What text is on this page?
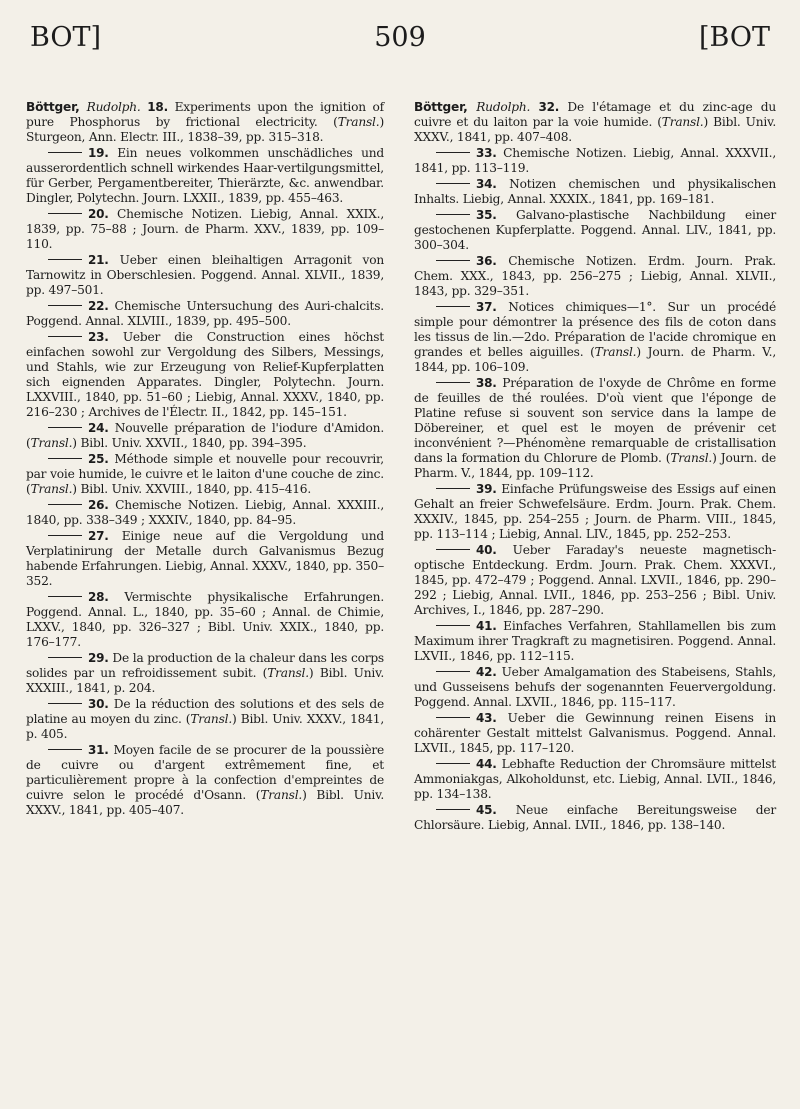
BOT]	509	[BOT

Böttger, Rudolph. 18. Experiments upon the ignition of pure Phosphorus by frictional electricity. (Transl.) Sturgeon, Ann. Electr. III., 1838–39, pp. 315–318.

19. Ein neues volkommen unschädliches und ausserordentlich schnell wirkendes Haar-vertilgungsmittel, für Gerber, Pergamentbereiter, Thierärzte, &c. anwendbar. Dingler, Polytechn. Journ. LXXII., 1839, pp. 455–463.

20. Chemische Notizen. Liebig, Annal. XXIX., 1839, pp. 75–88 ; Journ. de Pharm. XXV., 1839, pp. 109–110.

21. Ueber einen bleihaltigen Arragonit von Tarnowitz in Oberschlesien. Poggend. Annal. XLVII., 1839, pp. 497–501.

22. Chemische Untersuchung des Auri-chalcits. Poggend. Annal. XLVIII., 1839, pp. 495–500.

23. Ueber die Construction eines höchst einfachen sowohl zur Vergoldung des Silbers, Messings, und Stahls, wie zur Erzeugung von Relief-Kupferplatten sich eignenden Apparates. Dingler, Polytechn. Journ. LXXVIII., 1840, pp. 51–60 ; Liebig, Annal. XXXV., 1840, pp. 216–230 ; Archives de l'Électr. II., 1842, pp. 145–151.

24. Nouvelle préparation de l'iodure d'Amidon. (Transl.) Bibl. Univ. XXVII., 1840, pp. 394–395.

25. Méthode simple et nouvelle pour recouvrir, par voie humide, le cuivre et le laiton d'une couche de zinc. (Transl.) Bibl. Univ. XXVIII., 1840, pp. 415–416.

26. Chemische Notizen. Liebig, Annal. XXXIII., 1840, pp. 338–349 ; XXXIV., 1840, pp. 84–95.

27. Einige neue auf die Vergoldung und Verplatinirung der Metalle durch Galvanismus Bezug habende Erfahrungen. Liebig, Annal. XXXV., 1840, pp. 350–352.

28. Vermischte physikalische Erfahrungen. Poggend. Annal. L., 1840, pp. 35–60 ; Annal. de Chimie, LXXV., 1840, pp. 326–327 ; Bibl. Univ. XXIX., 1840, pp. 176–177.

29. De la production de la chaleur dans les corps solides par un refroidissement subit. (Transl.) Bibl. Univ. XXXIII., 1841, p. 204.

30. De la réduction des solutions et des sels de platine au moyen du zinc. (Transl.) Bibl. Univ. XXXV., 1841, p. 405.

31. Moyen facile de se procurer de la poussière de cuivre ou d'argent extrêmement fine, et particulièrement propre à la confection d'empreintes de cuivre selon le procédé d'Osann. (Transl.) Bibl. Univ. XXXV., 1841, pp. 405–407.

Böttger, Rudolph. 32. De l'étamage et du zinc-age du cuivre et du laiton par la voie humide. (Transl.) Bibl. Univ. XXXV., 1841, pp. 407–408.

33. Chemische Notizen. Liebig, Annal. XXXVII., 1841, pp. 113–119.

34. Notizen chemischen und physikalischen Inhalts. Liebig, Annal. XXXIX., 1841, pp. 169–181.

35. Galvano-plastische Nachbildung einer gestochenen Kupferplatte. Poggend. Annal. LIV., 1841, pp. 300–304.

36. Chemische Notizen. Erdm. Journ. Prak. Chem. XXX., 1843, pp. 256–275 ; Liebig, Annal. XLVII., 1843, pp. 329–351.

37. Notices chimiques—1°. Sur un procédé simple pour démontrer la présence des fils de coton dans les tissus de lin.—2do. Préparation de l'acide chromique en grandes et belles aiguilles. (Transl.) Journ. de Pharm. V., 1844, pp. 106–109.

38. Préparation de l'oxyde de Chrôme en forme de feuilles de thé roulées. D'où vient que l'éponge de Platine refuse si souvent son service dans la lampe de Döbereiner, et quel est le moyen de prévenir cet inconvénient ?—Phénomène remarquable de cristallisation dans la formation du Chlorure de Plomb. (Transl.) Journ. de Pharm. V., 1844, pp. 109–112.

39. Einfache Prüfungsweise des Essigs auf einen Gehalt an freier Schwefelsäure. Erdm. Journ. Prak. Chem. XXXIV., 1845, pp. 254–255 ; Journ. de Pharm. VIII., 1845, pp. 113–114 ; Liebig, Annal. LIV., 1845, pp. 252–253.

40. Ueber Faraday's neueste magnetisch-optische Entdeckung. Erdm. Journ. Prak. Chem. XXXVI., 1845, pp. 472–479 ; Poggend. Annal. LXVII., 1846, pp. 290–292 ; Liebig, Annal. LVII., 1846, pp. 253–256 ; Bibl. Univ. Archives, I., 1846, pp. 287–290.

41. Einfaches Verfahren, Stahllamellen bis zum Maximum ihrer Tragkraft zu magnetisiren. Poggend. Annal. LXVII., 1846, pp. 112–115.

42. Ueber Amalgamation des Stabeisens, Stahls, und Gusseisens behufs der sogenannten Feuervergoldung. Poggend. Annal. LXVII., 1846, pp. 115–117.

43. Ueber die Gewinnung reinen Eisens in cohärenter Gestalt mittelst Galvanismus. Poggend. Annal. LXVII., 1845, pp. 117–120.

44. Lebhafte Reduction der Chromsäure mittelst Ammoniakgas, Alkoholdunst, etc. Liebig, Annal. LVII., 1846, pp. 134–138.

45. Neue einfache Bereitungsweise der Chlorsäure. Liebig, Annal. LVII., 1846, pp. 138–140.
